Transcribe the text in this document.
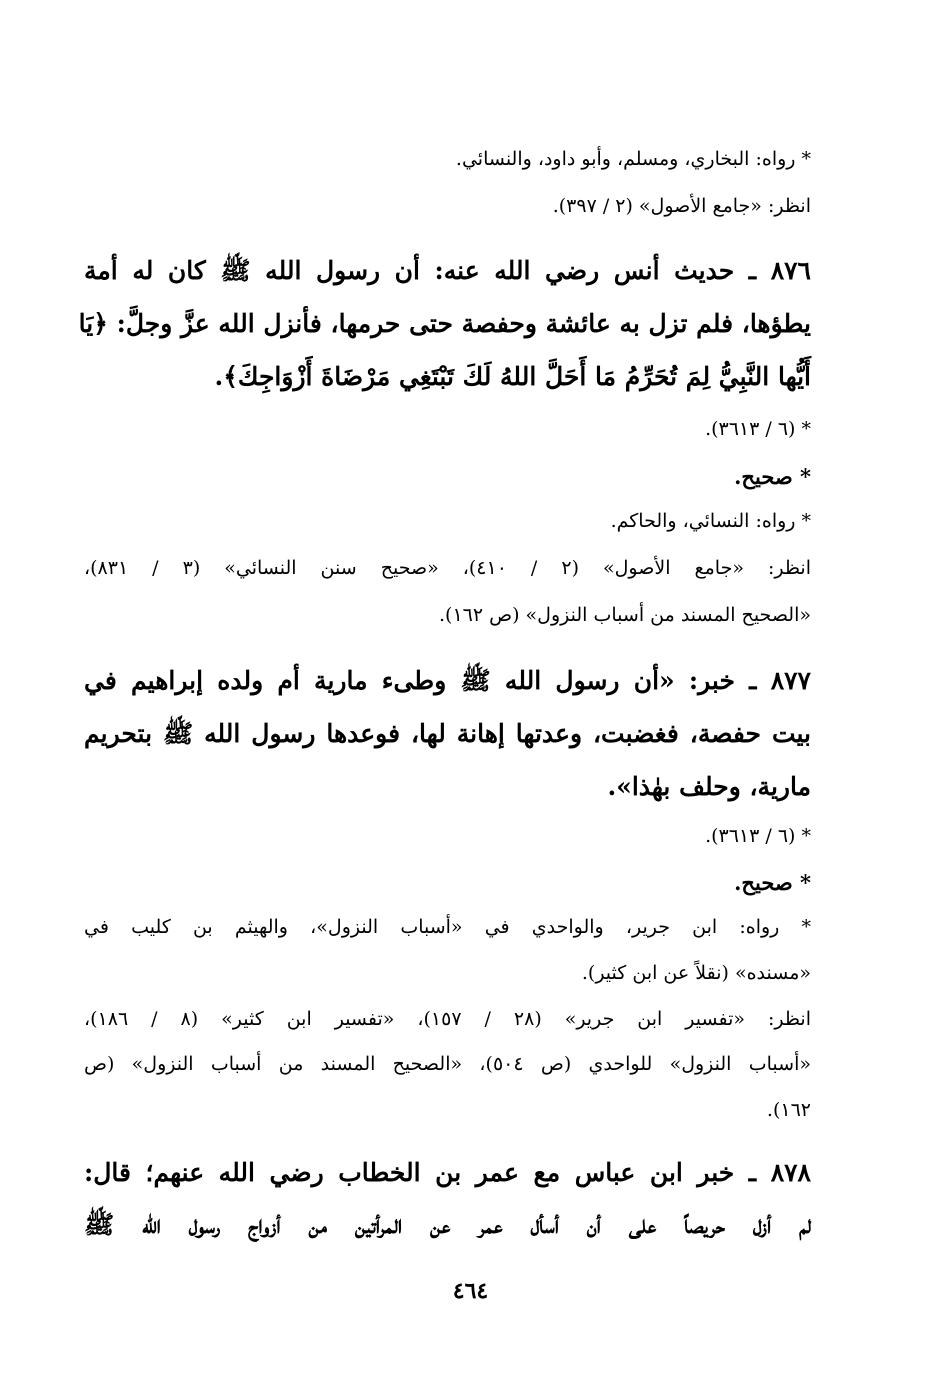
* رواه: البخاري، ومسلم، وأبو داود، والنسائي.
انظر: «جامع الأصول» (٢ / ٣٩٧).
٨٧٦ ـ حديث أنس رضي الله عنه: أن رسول الله ﷺ كان له أمة
يطؤها، فلم تزل به عائشة وحفصة حتى حرمها، فأنزل الله عزَّ وجلَّ: ﴿يَا
أَيُّها النَّبِيُّ لِمَ تُحَرِّمُ مَا أَحَلَّ اللهُ لَكَ تَبْتَغِي مَرْضَاةَ أَزْوَاجِكَ﴾.
* (٦ / ٣٦١٣).
* صحيح.
* رواه: النسائي، والحاكم.
انظر: «جامع الأصول» (٢ / ٤١٠)، «صحيح سنن النسائي» (٣ / ٨٣١)،
«الصحيح المسند من أسباب النزول» (ص ١٦٢).
٨٧٧ ـ خبر: «أن رسول الله ﷺ وطىء مارية أم ولده إبراهيم في
بيت حفصة، فغضبت، وعدتها إهانة لها، فوعدها رسول الله ﷺ بتحريم
مارية، وحلف بهٰذا».
* (٦ / ٣٦١٣).
* صحيح.
* رواه: ابن جرير، والواحدي في «أسباب النزول»، والهيثم بن كليب في
«مسنده» (نقلاً عن ابن كثير).
انظر: «تفسير ابن جرير» (٢٨ / ١٥٧)، «تفسير ابن كثير» (٨ / ١٨٦)،
«أسباب النزول» للواحدي (ص ٥٠٤)، «الصحيح المسند من أسباب النزول» (ص
١٦٢).
٨٧٨ ـ خبر ابن عباس مع عمر بن الخطاب رضي الله عنهم؛ قال:
لم أزل حريصاً على أن أسأل عمر عن المرأتين من أزواج رسول الله ﷺ
٤٦٤
